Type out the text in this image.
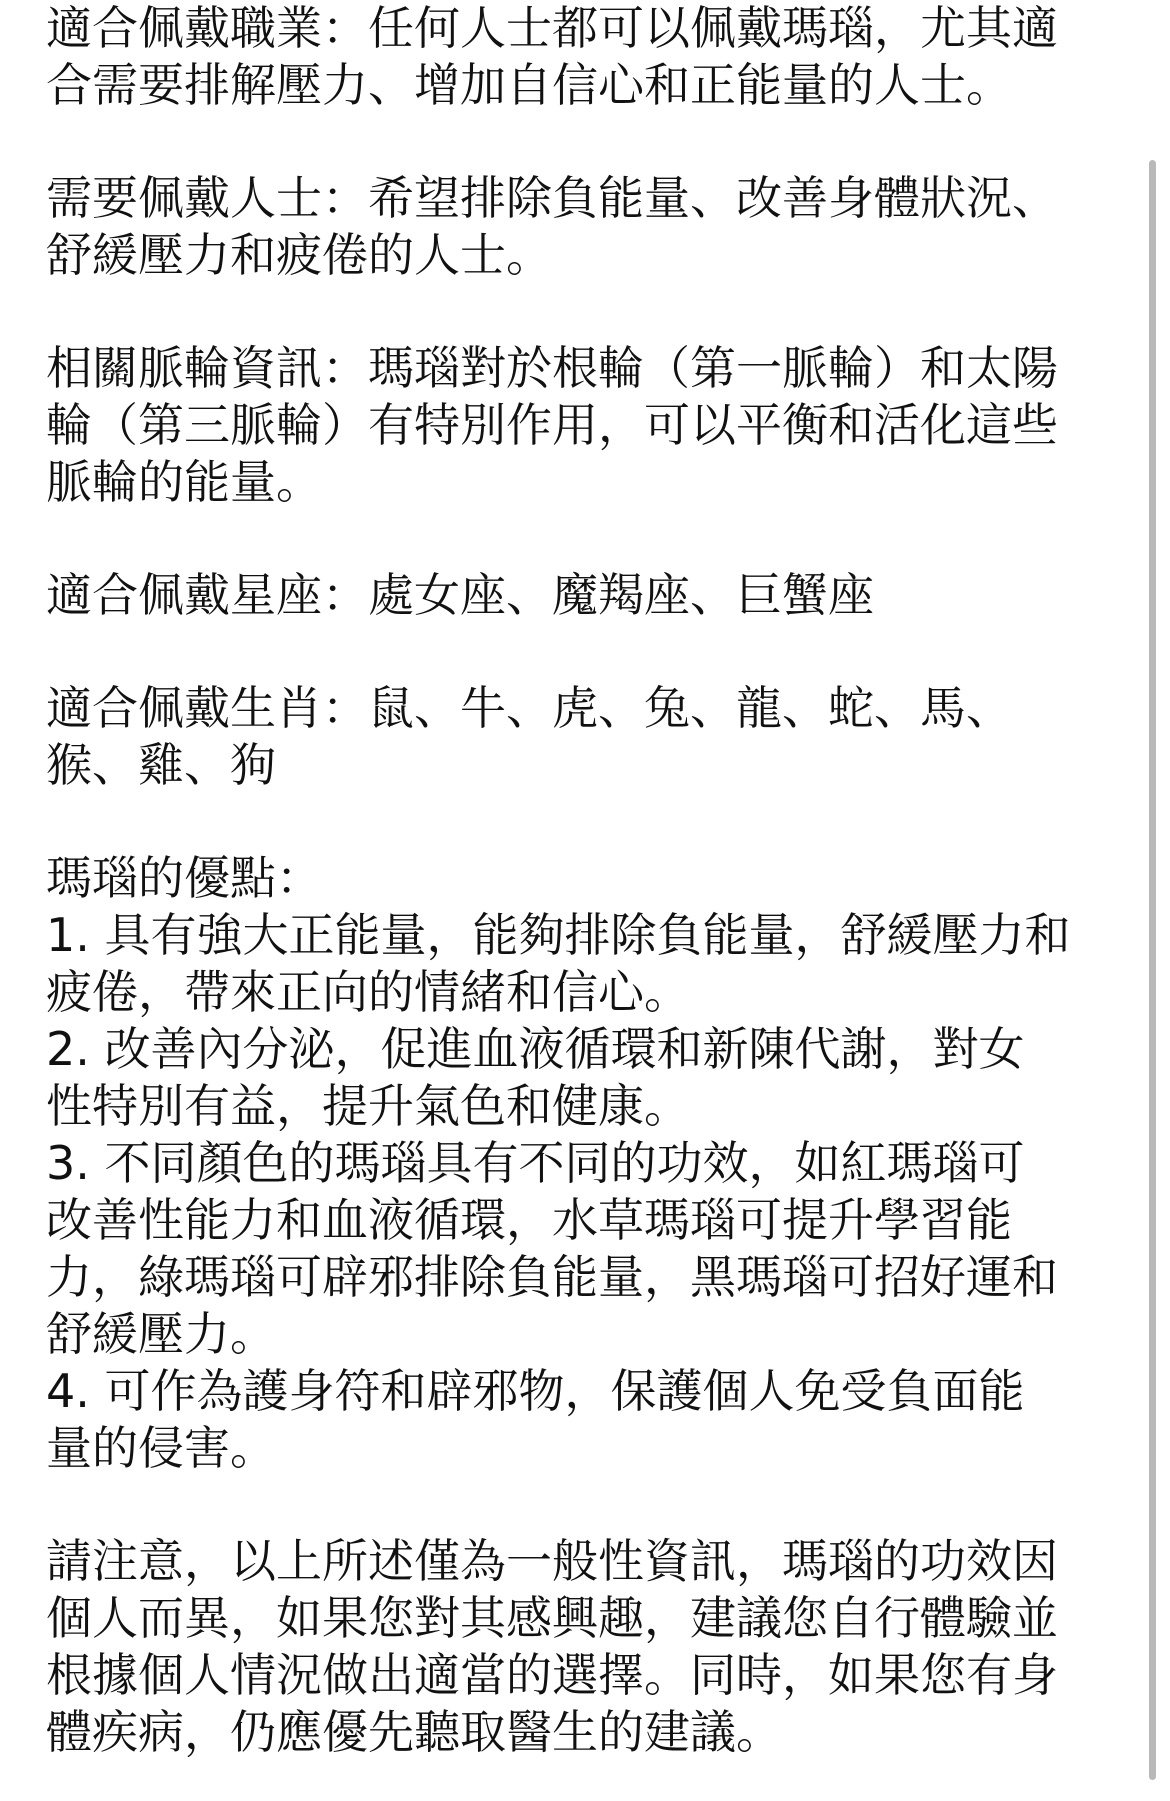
適合佩戴職業：任何人士都可以佩戴瑪瑙，尤其適
合需要排解壓力、增加自信心和正能量的人士。

需要佩戴人士：希望排除負能量、改善身體狀況、
舒緩壓力和疲倦的人士。

相關脈輪資訊：瑪瑙對於根輪（第一脈輪）和太陽
輪（第三脈輪）有特別作用，可以平衡和活化這些
脈輪的能量。

適合佩戴星座：處女座、魔羯座、巨蟹座

適合佩戴生肖：鼠、牛、虎、兔、龍、蛇、馬、
猴、雞、狗

瑪瑙的優點：

1. 具有強大正能量，能夠排除負能量，舒緩壓力和
疲倦，帶來正向的情緒和信心。
2. 改善內分泌，促進血液循環和新陳代謝，對女
性特別有益，提升氣色和健康。
3. 不同顏色的瑪瑙具有不同的功效，如紅瑪瑙可
改善性能力和血液循環，水草瑪瑙可提升學習能
力，綠瑪瑙可辟邪排除負能量，黑瑪瑙可招好運和
舒緩壓力。
4. 可作為護身符和辟邪物，保護個人免受負面能
量的侵害。

請注意，以上所述僅為一般性資訊，瑪瑙的功效因
個人而異，如果您對其感興趣，建議您自行體驗並
根據個人情況做出適當的選擇。同時，如果您有身
體疾病，仍應優先聽取醫生的建議。
